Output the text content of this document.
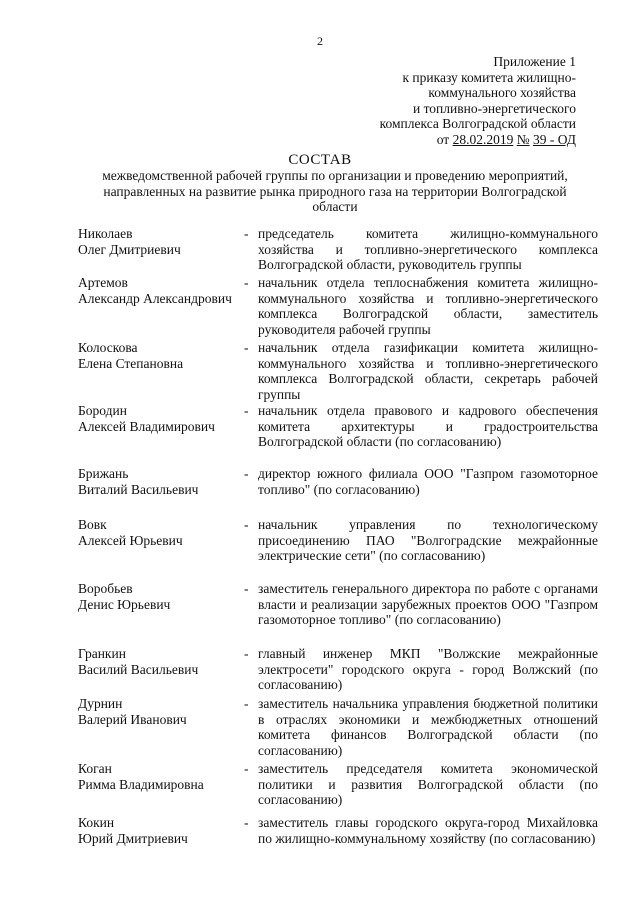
2
Приложение 1
к приказу комитета жилищно-
коммунального хозяйства
и топливно-энергетического
комплекса Волгоградской области
от 28.02.2019 № 39 - ОД
СОСТАВ
межведомственной рабочей группы по организации и проведению мероприятий, направленных на развитие рынка природного газа на территории Волгоградской области
Николаев
Олег Дмитриевич
- председатель комитета жилищно-коммунального хозяйства и топливно-энергетического комплекса Волгоградской области, руководитель группы
Артемов
Александр Александрович
- начальник отдела теплоснабжения комитета жилищно-коммунального хозяйства и топливно-энергетического комплекса Волгоградской области, заместитель руководителя рабочей группы
Колоскова
Елена Степановна
- начальник отдела газификации комитета жилищно-коммунального хозяйства и топливно-энергетического комплекса Волгоградской области, секретарь рабочей группы
Бородин
Алексей Владимирович
- начальник отдела правового и кадрового обеспечения комитета архитектуры и градостроительства Волгоградской области (по согласованию)
Брижань
Виталий Васильевич
- директор южного филиала ООО "Газпром газомоторное топливо" (по согласованию)
Вовк
Алексей Юрьевич
- начальник управления по технологическому присоединению ПАО "Волгоградские межрайонные электрические сети" (по согласованию)
Воробьев
Денис Юрьевич
- заместитель генерального директора по работе с органами власти и реализации зарубежных проектов ООО "Газпром газомоторное топливо" (по согласованию)
Гранкин
Василий Васильевич
- главный инженер МКП "Волжские межрайонные электросети" городского округа - город Волжский (по согласованию)
Дурнин
Валерий Иванович
- заместитель начальника управления бюджетной политики в отраслях экономики и межбюджетных отношений комитета финансов Волгоградской области (по согласованию)
Коган
Римма Владимировна
- заместитель председателя комитета экономической политики и развития Волгоградской области (по согласованию)
Кокин
Юрий Дмитриевич
- заместитель главы городского округа-город Михайловка по жилищно-коммунальному хозяйству (по согласованию)
